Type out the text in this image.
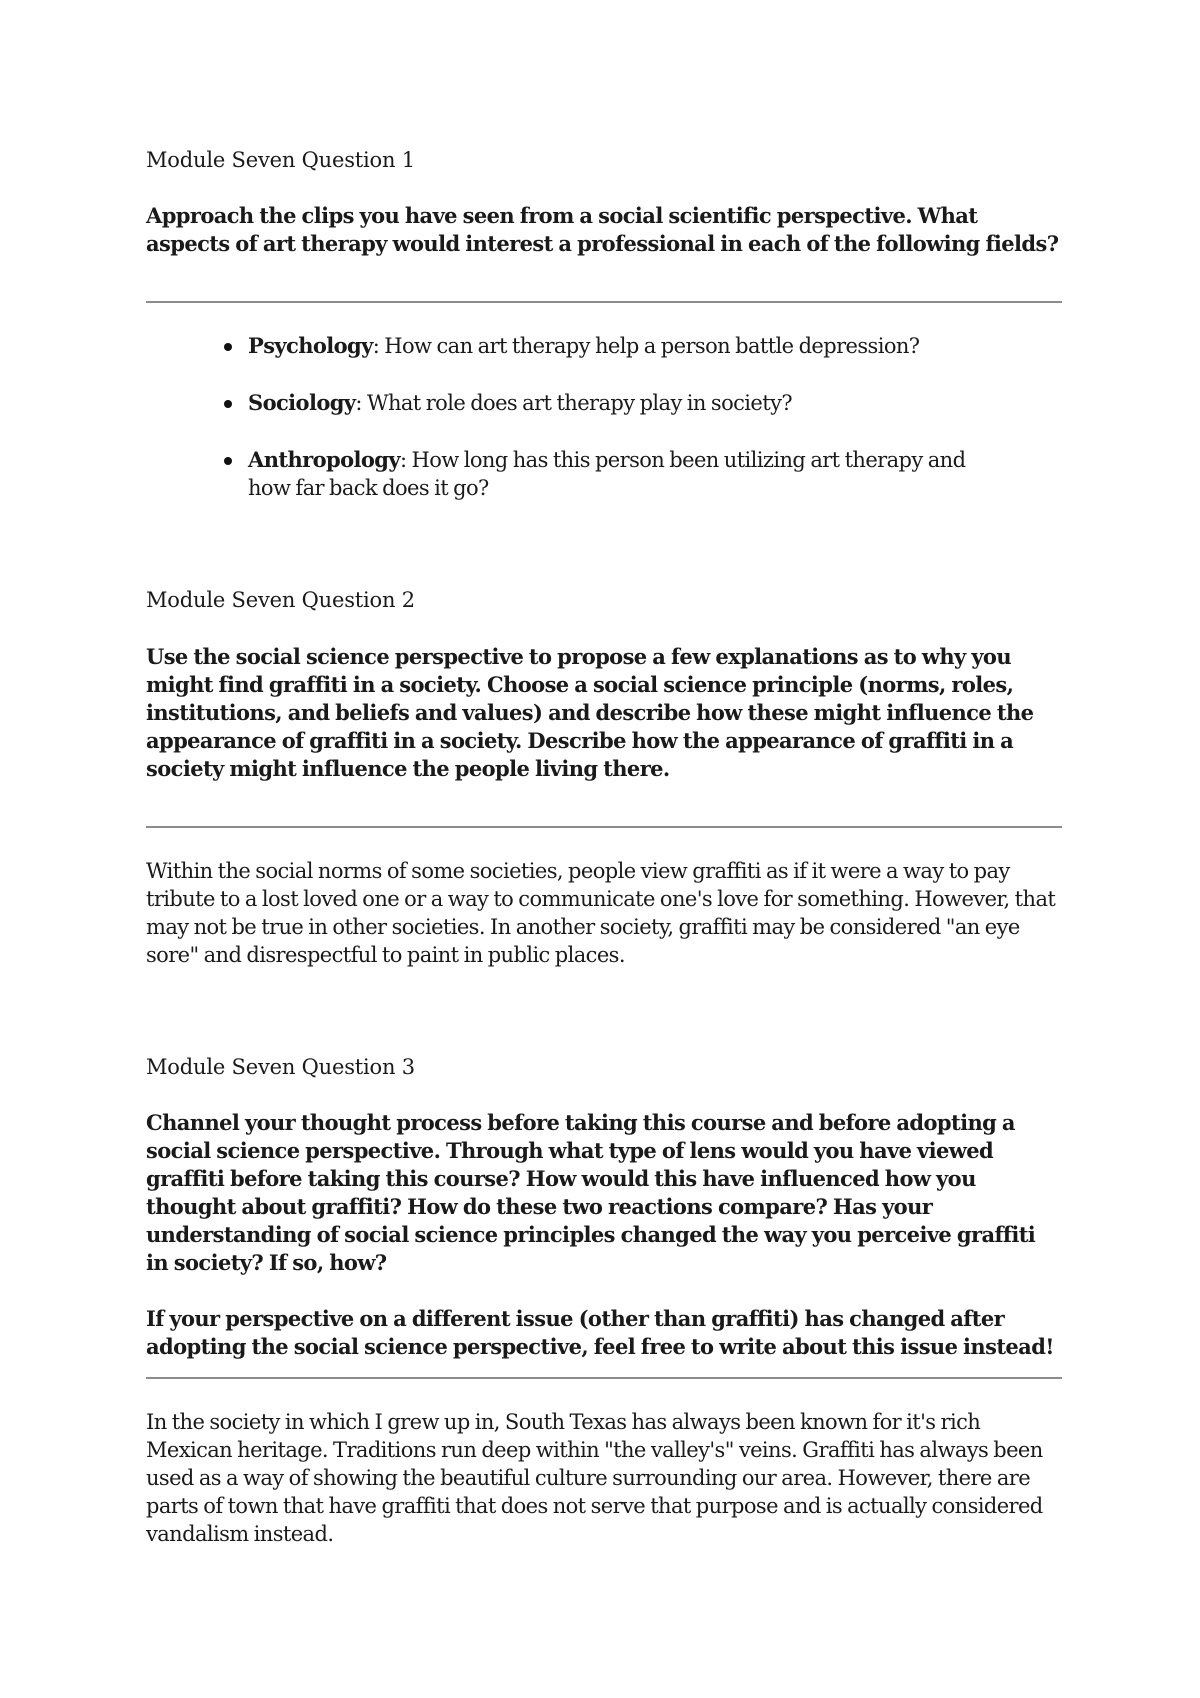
Module Seven Question 1

Approach the clips you have seen from a social scientific perspective. What aspects of art therapy would interest a professional in each of the following fields?

Psychology: How can art therapy help a person battle depression?
Sociology: What role does art therapy play in society?
Anthropology: How long has this person been utilizing art therapy and how far back does it go?
Module Seven Question 2

Use the social science perspective to propose a few explanations as to why you might find graffiti in a society. Choose a social science principle (norms, roles, institutions, and beliefs and values) and describe how these might influence the appearance of graffiti in a society. Describe how the appearance of graffiti in a society might influence the people living there.

Within the social norms of some societies, people view graffiti as if it were a way to pay tribute to a lost loved one or a way to communicate one's love for something. However, that may not be true in other societies. In another society, graffiti may be considered "an eye sore" and disrespectful to paint in public places.
Module Seven Question 3

Channel your thought process before taking this course and before adopting a social science perspective. Through what type of lens would you have viewed graffiti before taking this course? How would this have influenced how you thought about graffiti? How do these two reactions compare? Has your understanding of social science principles changed the way you perceive graffiti in society? If so, how?

If your perspective on a different issue (other than graffiti) has changed after adopting the social science perspective, feel free to write about this issue instead!

In the society in which I grew up in, South Texas has always been known for it's rich Mexican heritage. Traditions run deep within "the valley's" veins. Graffiti has always been used as a way of showing the beautiful culture surrounding our area. However, there are parts of town that have graffiti that does not serve that purpose and is actually considered vandalism instead.
